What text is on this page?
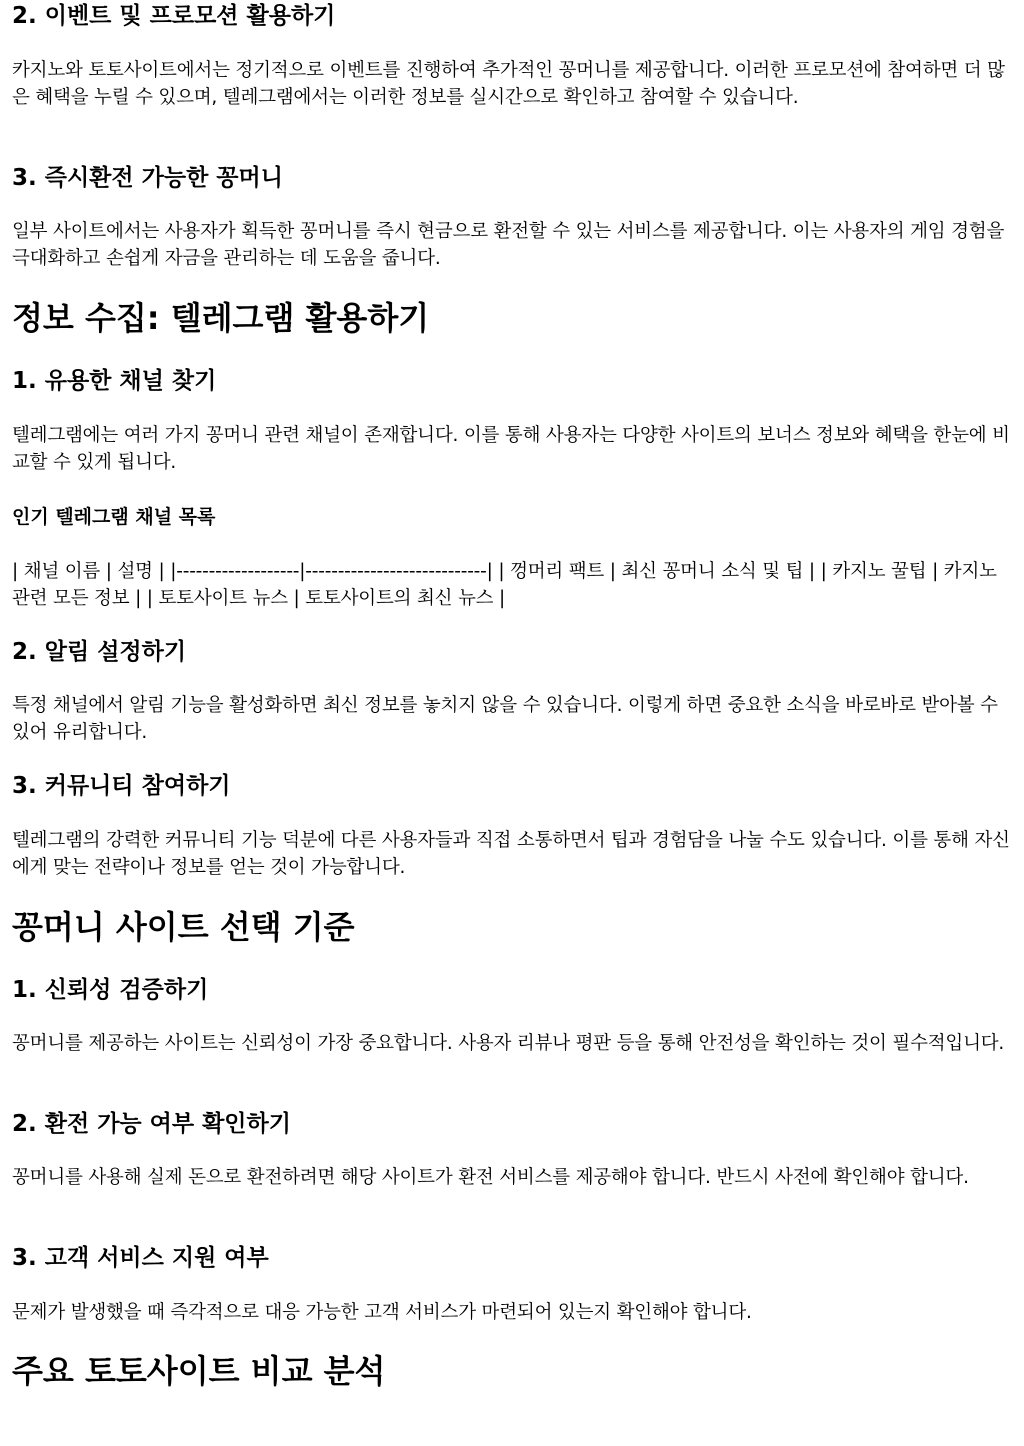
2. 이벤트 및 프로모션 활용하기

카지노와 토토사이트에서는 정기적으로 이벤트를 진행하여 추가적인 꽁머니를 제공합니다. 이러한 프로모션에 참여하면 더 많은 혜택을 누릴 수 있으며, 텔레그램에서는 이러한 정보를 실시간으로 확인하고 참여할 수 있습니다.

3. 즉시환전 가능한 꽁머니

일부 사이트에서는 사용자가 획득한 꽁머니를 즉시 현금으로 환전할 수 있는 서비스를 제공합니다. 이는 사용자의 게임 경험을 극대화하고 손쉽게 자금을 관리하는 데 도움을 줍니다.

정보 수집: 텔레그램 활용하기
1. 유용한 채널 찾기

텔레그램에는 여러 가지 꽁머니 관련 채널이 존재합니다. 이를 통해 사용자는 다양한 사이트의 보너스 정보와 혜택을 한눈에 비교할 수 있게 됩니다.

인기 텔레그램 채널 목록

| 채널 이름 | 설명 | |-------------------|----------------------------| | 껑머리 팩트 | 최신 꽁머니 소식 및 팁 | | 카지노 꿀팁 | 카지노 관련 모든 정보 | | 토토사이트 뉴스 | 토토사이트의 최신 뉴스 |

2. 알림 설정하기

특정 채널에서 알림 기능을 활성화하면 최신 정보를 놓치지 않을 수 있습니다. 이렇게 하면 중요한 소식을 바로바로 받아볼 수 있어 유리합니다.

3. 커뮤니티 참여하기

텔레그램의 강력한 커뮤니티 기능 덕분에 다른 사용자들과 직접 소통하면서 팁과 경험담을 나눌 수도 있습니다. 이를 통해 자신에게 맞는 전략이나 정보를 얻는 것이 가능합니다.

꽁머니 사이트 선택 기준
1. 신뢰성 검증하기

꽁머니를 제공하는 사이트는 신뢰성이 가장 중요합니다. 사용자 리뷰나 평판 등을 통해 안전성을 확인하는 것이 필수적입니다.

2. 환전 가능 여부 확인하기

꽁머니를 사용해 실제 돈으로 환전하려면 해당 사이트가 환전 서비스를 제공해야 합니다. 반드시 사전에 확인해야 합니다.

3. 고객 서비스 지원 여부

문제가 발생했을 때 즉각적으로 대응 가능한 고객 서비스가 마련되어 있는지 확인해야 합니다.

주요 토토사이트 비교 분석
